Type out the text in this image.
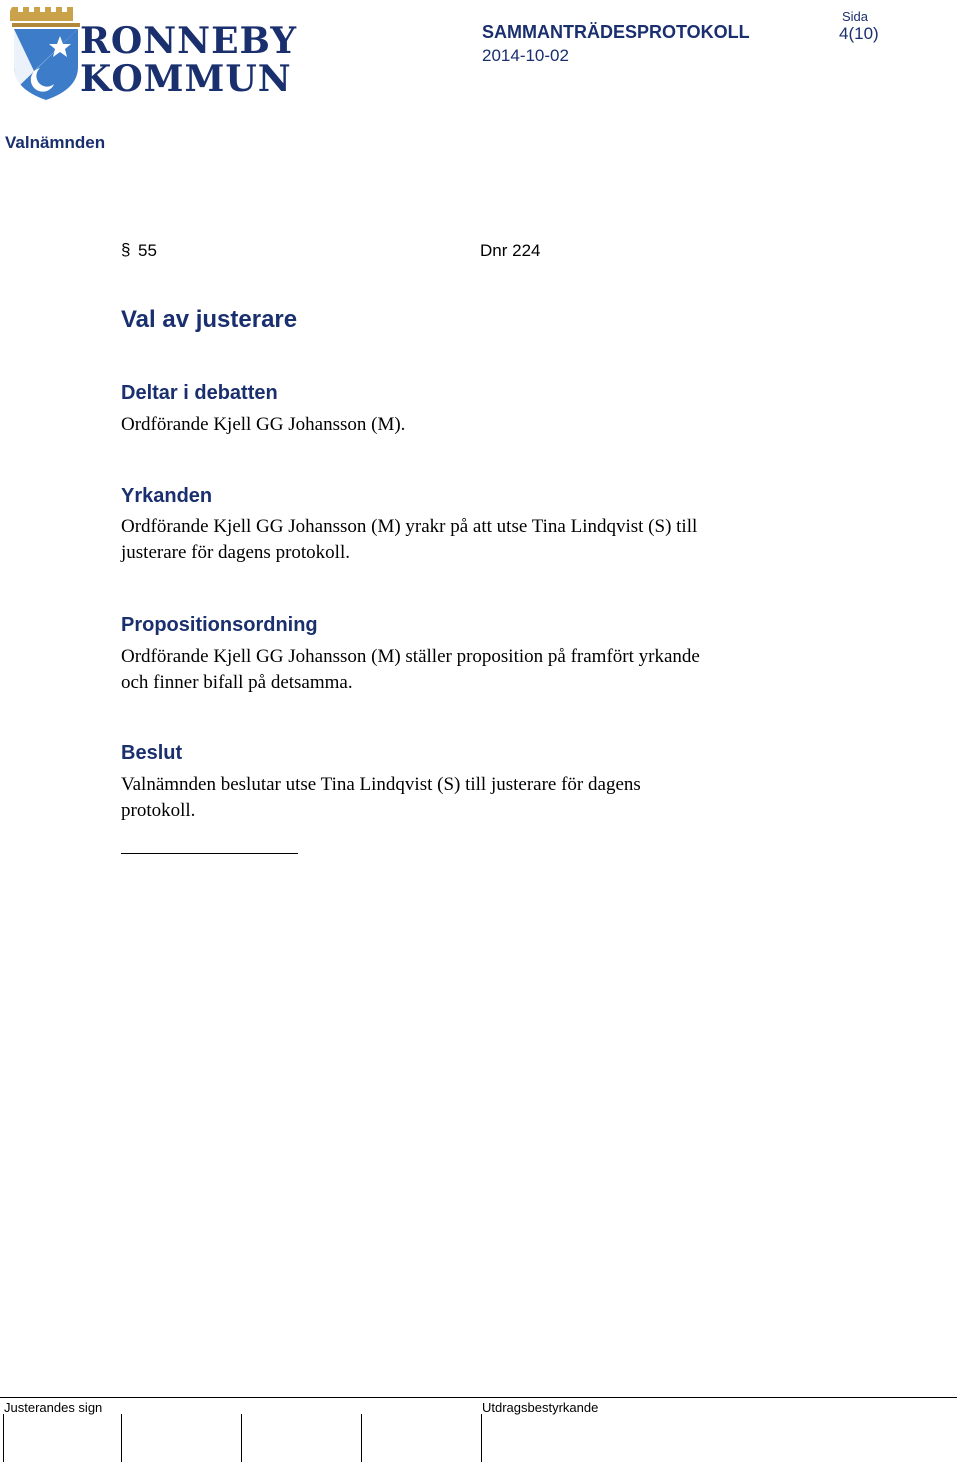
RONNEBY
KOMMUN
SAMMANTRÄDESPROTOKOLL
2014-10-02
Sida
4(10)
Valnämnden
§ 55	Dnr 224
Val av justerare
Deltar i debatten
Ordförande Kjell GG Johansson (M).
Yrkanden
Ordförande Kjell GG Johansson (M) yrakr på att utse Tina Lindqvist (S) till
justerare för dagens protokoll.
Propositionsordning
Ordförande Kjell GG Johansson (M) ställer proposition på framfört yrkande
och finner bifall på detsamma.
Beslut
Valnämnden beslutar utse Tina Lindqvist (S) till justerare för dagens
protokoll.
Justerandes sign	Utdragsbestyrkande
